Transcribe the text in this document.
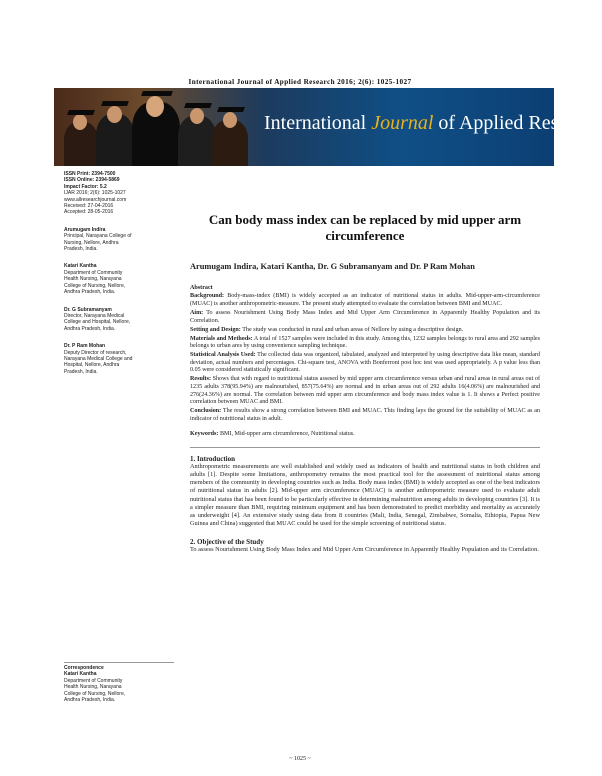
International Journal of Applied Research 2016; 2(6): 1025-1027
International Journal of Applied Research
ISSN Print: 2394-7500
ISSN Online: 2394-5869
Impact Factor: 5.2
IJAR 2016; 2(6): 1025-1027
www.allresearchjournal.com
Received: 27-04-2016
Accepted: 28-05-2016
Arumugam Indira
Principal, Narayana College of
Nursing, Nellore, Andhra
Pradesh, India.
Katari Kantha
Department of Community
Health Nursing, Narayana
College of Nursing, Nellore,
Andhra Pradesh, India.
Dr. G Subramanyam
Director, Narayana Medical
College and Hospital, Nellore,
Andhra Pradesh, India.
Dr. P Ram Mohan
Deputy Director of research,
Narayana Medical College and
Hospital, Nellore, Andhra
Pradesh, India.
Correspondence
Katari Kantha
Department of Community
Health Nursing, Narayana
College of Nursing, Nellore,
Andhra Pradesh, India.
Can body mass index can be replaced by mid upper arm circumference
Arumugam Indira, Katari Kantha, Dr. G Subramanyam and Dr. P Ram Mohan

Abstract

Background: Body-mass-index (BMI) is widely accepted as an indicator of nutritional status in adults. Mid-upper-arm-circumference (MUAC) is another anthropometric-measure. The present study attempted to evaluate the correlation between BMI and MUAC.

Aim: To assess Nourishment Using Body Mass Index and Mid Upper Arm Circumference in Apparently Healthy Population and its Correlation.

Setting and Design: The study was conducted in rural and urban areas of Nellore by using a descriptive design.

Materials and Methods: A total of 1527 samples were included in this study. Among this, 1232 samples belongs to rural area and 292 samples belongs to urban ares by using convenience sampling technique.

Statistical Analysis Used: The collected data was organized, tabulated, analyzed and interpreted by using descriptive data like mean, standard deviation, actual numbers and percentages. Chi-square test, ANOVA with Bonferroni post hoc test was used appropriately. A p value less than 0.05 were considered statistically significant.

Results: Shows that with regard to nutritional status assesed by mid upper arm circumference versus urban and rural areas in rural areas out of 1235 adults 378(95.94%) are malnourished, 857(75.64%) are normal and in urban areas out of 292 adults 16(4.06%) are malnourished and 276(24.36%) are normal. The correlation between mid upper arm circumference and body mass index value is 1. It shows a Perfect positive correlation between MUAC and BMI.

Conclusion: The results show a strong correlation between BMI and MUAC. This finding lays the ground for the suitability of MUAC as an indicator of nutritional status in adult.

Keywords: BMI, Mid-upper arm circumference, Nutritional status.
1. Introduction

Anthropometric measurements are well established and widely used as indicators of health and nutritional status in both children and adults [1]. Despite some limitations, anthropometry remains the most practical tool for the assessment of nutritional status among members of the community in developing countries such as India. Body mass index (BMI) is widely accepted as one of the best indicators of nutritional status in adults [2]. Mid-upper arm circumference (MUAC) is another anthropometric measure used to evaluate adult nutritional status that has been found to be particularly effective in determining malnutrition among adults in developing countries [3]. It is a simpler measure than BMI, requiring minimum equipment and has been demonstrated to predict morbidity and mortality as accurately as underweight [4]. An extensive study using data from 8 countries (Mali, India, Senegal, Zimbabwe, Somalia, Ethiopia, Papua New Guinea and China) suggested that MUAC could be used for the simple screening of nutritional status.

2. Objective of the Study

To assess Nourishment Using Body Mass Index and Mid Upper Arm Circumference in Apparently Healthy Population and its Correlation.

~ 1025 ~
